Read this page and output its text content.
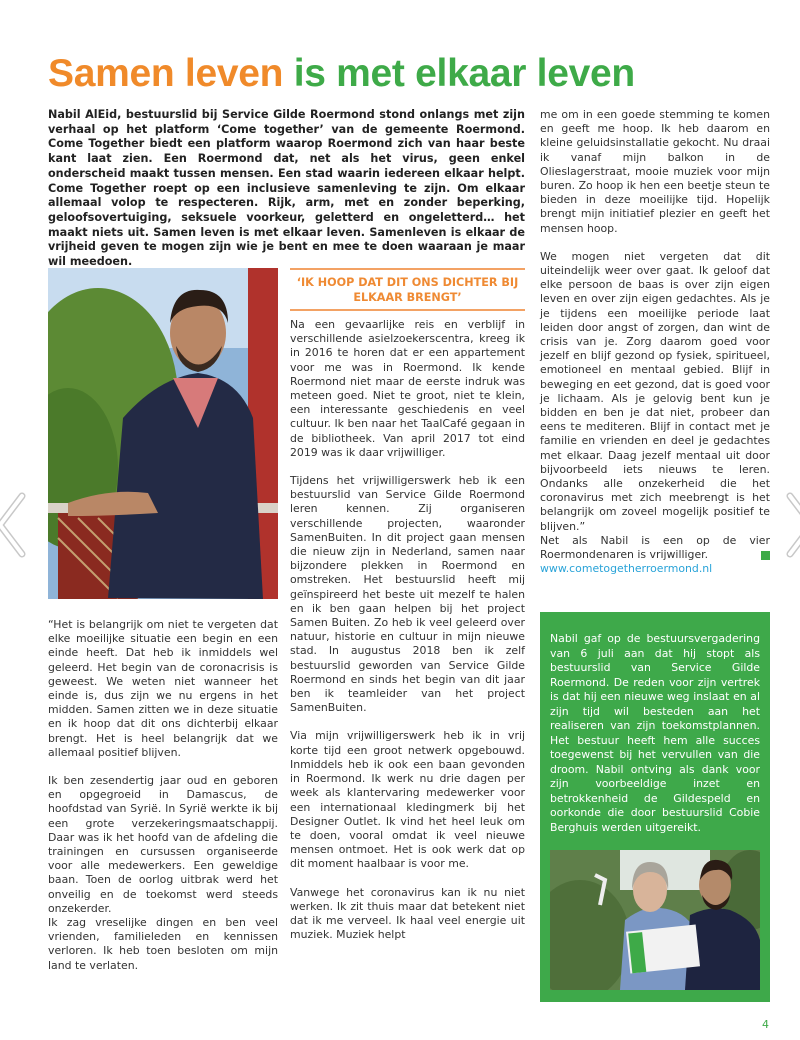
Samen leven is met elkaar leven

Nabil AlEid, bestuurslid bij Service Gilde Roermond stond onlangs met zijn verhaal op het platform ‘Come together’ van de gemeente Roermond. Come Together biedt een platform waarop Roermond zich van haar beste kant laat zien. Een Roermond dat, net als het virus, geen enkel onderscheid maakt tussen mensen. Een stad waarin iedereen elkaar helpt. Come Together roept op een inclusieve samenleving te zijn. Om elkaar allemaal volop te respecteren. Rijk, arm, met en zonder beperking, geloofsovertuiging, seksuele voorkeur, geletterd en ongeletterd… het maakt niets uit. Samen leven is met elkaar leven. Samenleven is elkaar de vrijheid geven te mogen zijn wie je bent en mee te doen waaraan je maar wil meedoen.

‘IK HOOP DAT DIT ONS DICHTER BIJ ELKAAR BRENGT’

“Het is belangrijk om niet te vergeten dat elke moeilijke situatie een begin en een einde heeft. Dat heb ik inmiddels wel geleerd. Het begin van de coronacrisis is geweest. We weten niet wanneer het einde is, dus zijn we nu ergens in het midden. Samen zitten we in deze situatie en ik hoop dat dit ons dichterbij elkaar brengt. Het is heel belangrijk dat we allemaal positief blijven.

Ik ben zesendertig jaar oud en geboren en opgegroeid in Damascus, de hoofdstad van Syrië. In Syrië werkte ik bij een grote verzekeringsmaatschappij. Daar was ik het hoofd van de afdeling die trainingen en cursussen organiseerde voor alle medewerkers. Een geweldige baan. Toen de oorlog uitbrak werd het onveilig en de toekomst werd steeds onzekerder.

Ik zag vreselijke dingen en ben veel vrienden, familieleden en kennissen verloren. Ik heb toen besloten om mijn land te verlaten.

Na een gevaarlijke reis en verblijf in verschillende asielzoekerscentra, kreeg ik in 2016 te horen dat er een appartement voor me was in Roermond. Ik kende Roermond niet maar de eerste indruk was meteen goed. Niet te groot, niet te klein, een interessante geschiedenis en veel cultuur. Ik ben naar het TaalCafé gegaan in de bibliotheek. Van april 2017 tot eind 2019 was ik daar vrijwilliger.

Tijdens het vrijwilligerswerk heb ik een bestuurslid van Service Gilde Roermond leren kennen. Zij organiseren verschillende projecten, waaronder SamenBuiten. In dit project gaan mensen die nieuw zijn in Nederland, samen naar bijzondere plekken in Roermond en omstreken. Het bestuurslid heeft mij geïnspireerd het beste uit mezelf te halen en ik ben gaan helpen bij het project Samen Buiten. Zo heb ik veel geleerd over natuur, historie en cultuur in mijn nieuwe stad. In augustus 2018 ben ik zelf bestuurslid geworden van Service Gilde Roermond en sinds het begin van dit jaar ben ik teamleider van het project SamenBuiten.

Via mijn vrijwilligerswerk heb ik in vrij korte tijd een groot netwerk opgebouwd. Inmiddels heb ik ook een baan gevonden in Roermond. Ik werk nu drie dagen per week als klantervaring medewerker voor een internationaal kledingmerk bij het Designer Outlet. Ik vind het heel leuk om te doen, vooral omdat ik veel nieuwe mensen ontmoet. Het is ook werk dat op dit moment haalbaar is voor me.

Vanwege het coronavirus kan ik nu niet werken. Ik zit thuis maar dat betekent niet dat ik me verveel. Ik haal veel energie uit muziek. Muziek helpt

me om in een goede stemming te komen en geeft me hoop. Ik heb daarom en kleine geluidsinstallatie gekocht. Nu draai ik vanaf mijn balkon in de Olieslagerstraat, mooie muziek voor mijn buren. Zo hoop ik hen een beetje steun te bieden in deze moeilijke tijd. Hopelijk brengt mijn initiatief plezier en geeft het mensen hoop.

We mogen niet vergeten dat dit uiteindelijk weer over gaat. Ik geloof dat elke persoon de baas is over zijn eigen leven en over zijn eigen gedachtes. Als je je tijdens een moeilijke periode laat leiden door angst of zorgen, dan wint de crisis van je. Zorg daarom goed voor jezelf en blijf gezond op fysiek, spiritueel, emotioneel en mentaal gebied. Blijf in beweging en eet gezond, dat is goed voor je lichaam. Als je gelovig bent kun je bidden en ben je dat niet, probeer dan eens te mediteren. Blijf in contact met je familie en vrienden en deel je gedachtes met elkaar. Daag jezelf mentaal uit door bijvoorbeeld iets nieuws te leren. Ondanks alle onzekerheid die het coronavirus met zich meebrengt is het belangrijk om zoveel mogelijk positief te blijven.”

Net als Nabil is een op de vier Roermondenaren is vrijwilliger.

www.cometogetherroermond.nl

Nabil gaf op de bestuursvergadering van 6 juli aan dat hij stopt als bestuurslid van Service Gilde Roermond. De reden voor zijn vertrek is dat hij een nieuwe weg inslaat en al zijn tijd wil besteden aan het realiseren van zijn toekomstplannen. Het bestuur heeft hem alle succes toegewenst bij het vervullen van die droom. Nabil ontving als dank voor zijn voorbeeldige inzet en betrokkenheid de Gildespeld en oorkonde die door bestuurslid Cobie Berghuis werden uitgereikt.

4
